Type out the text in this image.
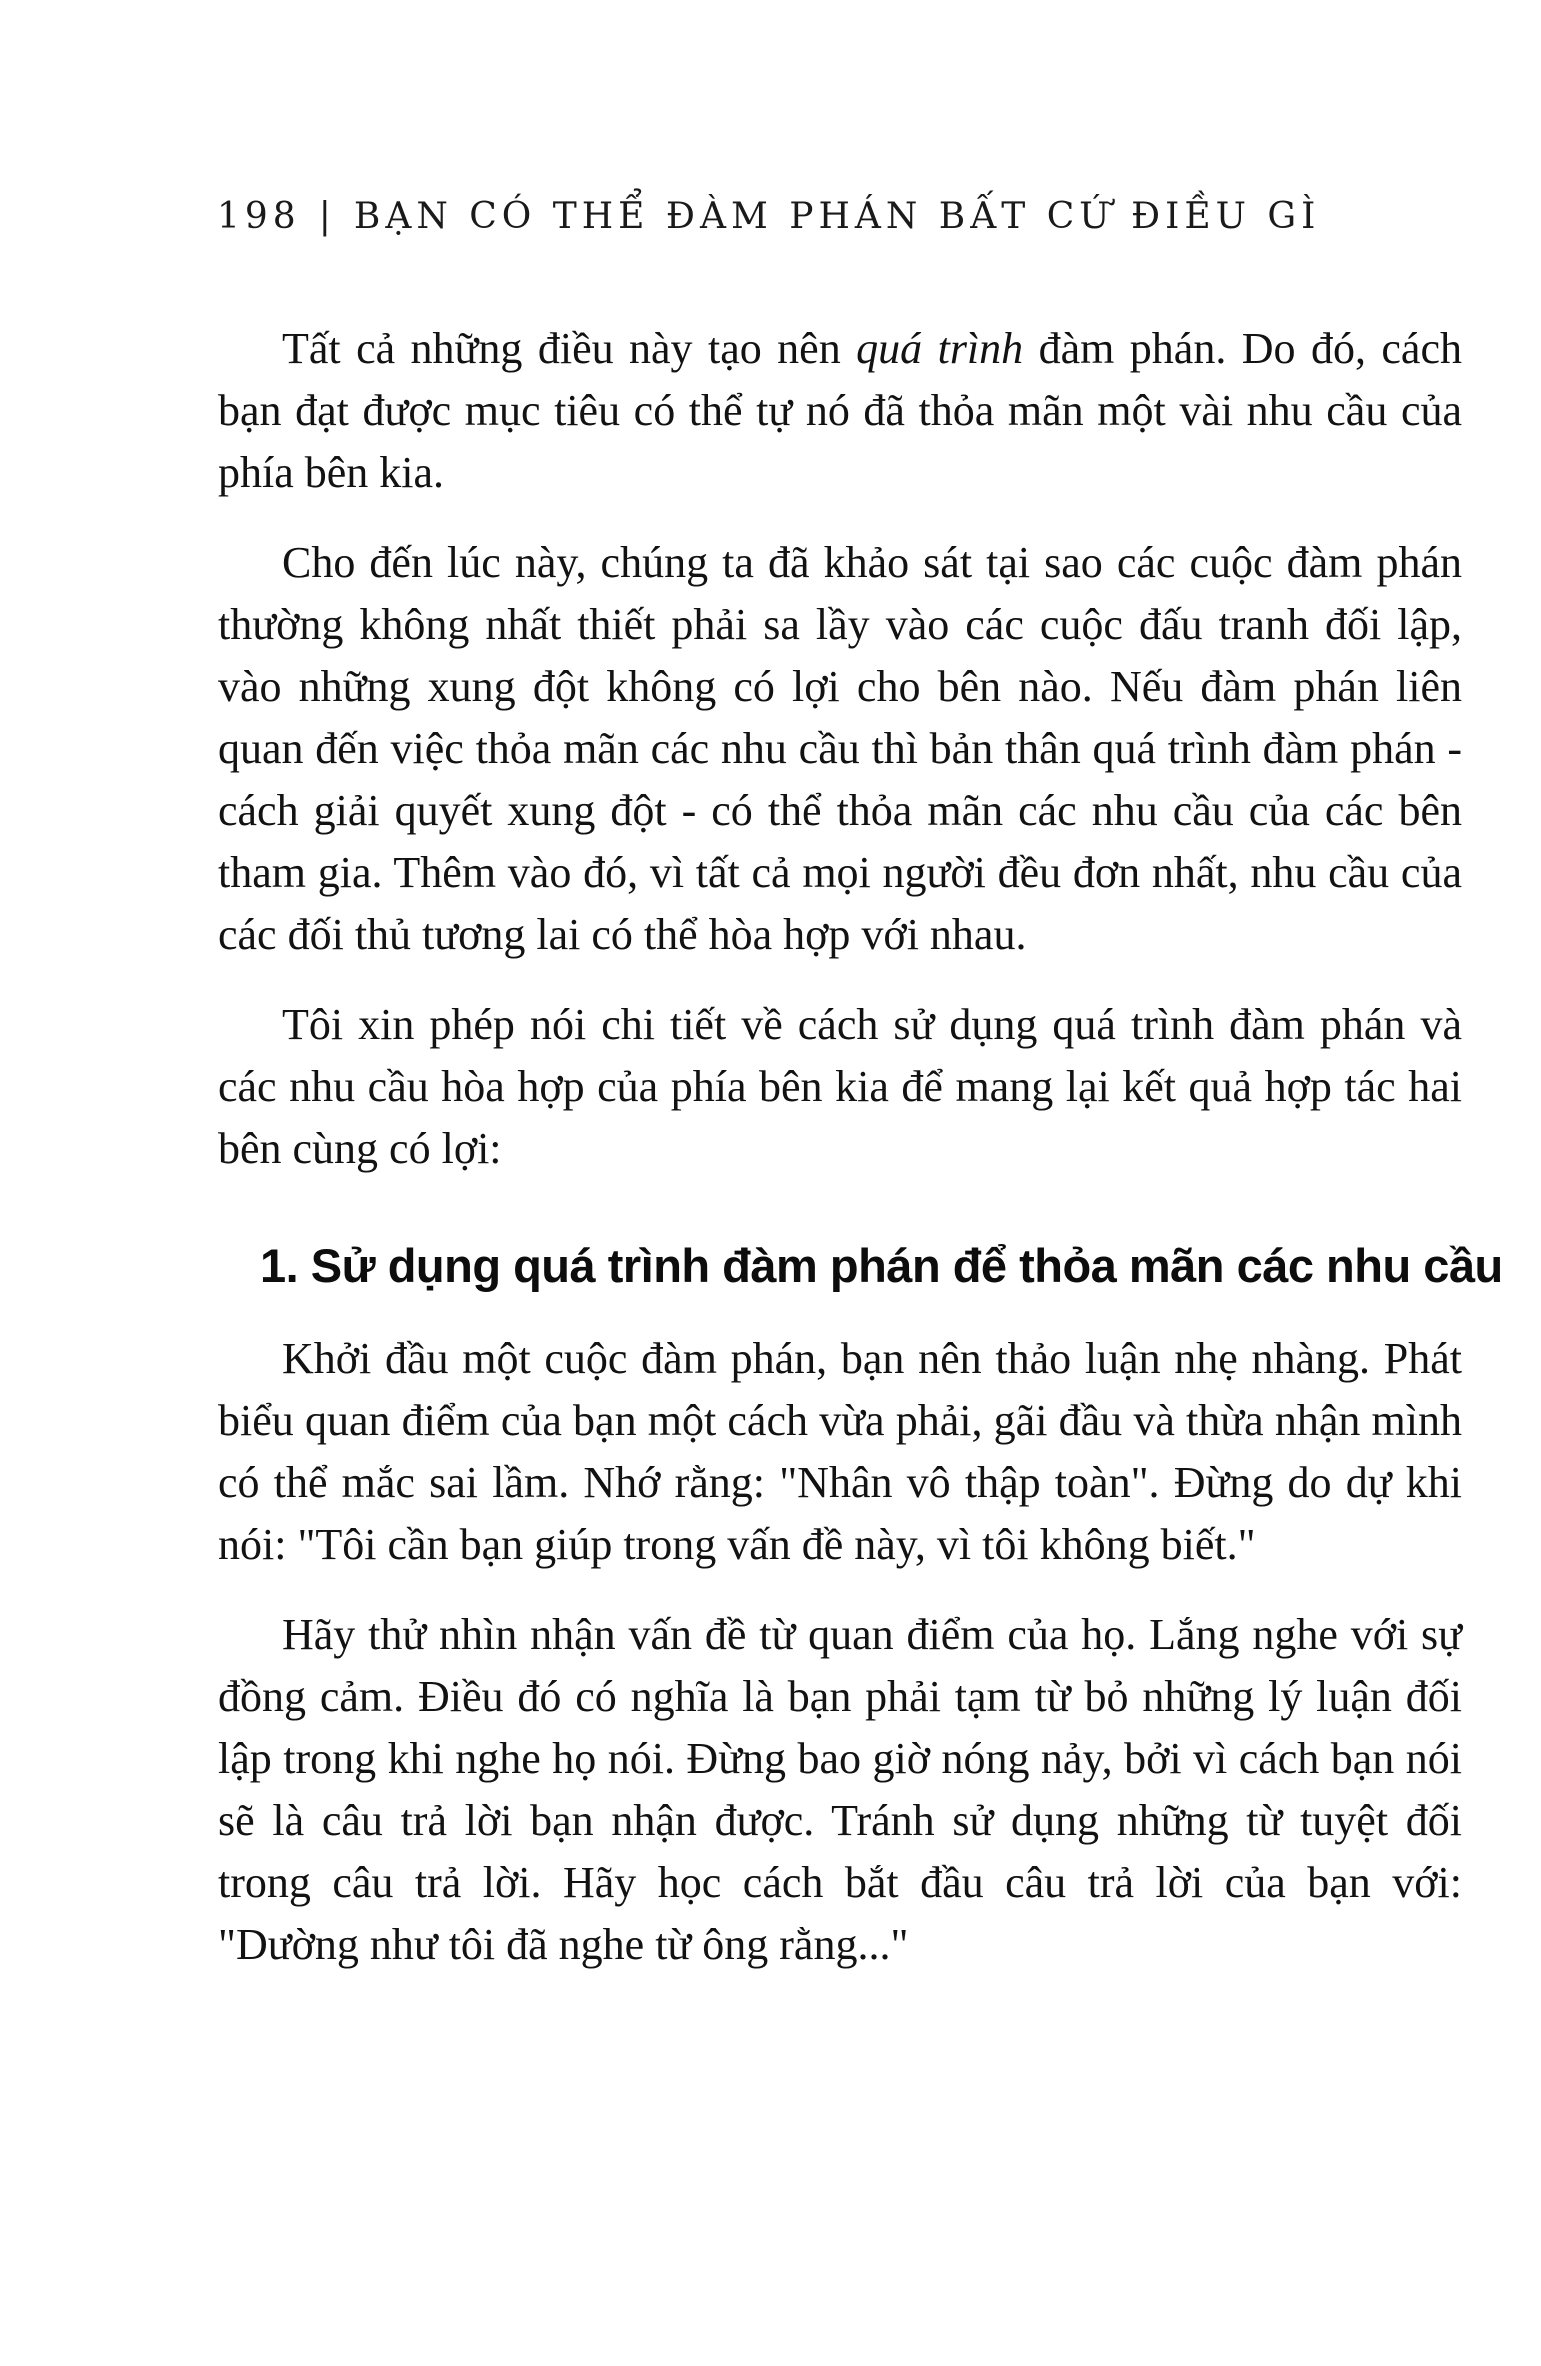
198 | BẠN CÓ THỂ ĐÀM PHÁN BẤT CỨ ĐIỀU GÌ

Tất cả những điều này tạo nên quá trình đàm phán. Do đó, cách bạn đạt được mục tiêu có thể tự nó đã thỏa mãn một vài nhu cầu của phía bên kia.

Cho đến lúc này, chúng ta đã khảo sát tại sao các cuộc đàm phán thường không nhất thiết phải sa lầy vào các cuộc đấu tranh đối lập, vào những xung đột không có lợi cho bên nào. Nếu đàm phán liên quan đến việc thỏa mãn các nhu cầu thì bản thân quá trình đàm phán - cách giải quyết xung đột - có thể thỏa mãn các nhu cầu của các bên tham gia. Thêm vào đó, vì tất cả mọi người đều đơn nhất, nhu cầu của các đối thủ tương lai có thể hòa hợp với nhau.

Tôi xin phép nói chi tiết về cách sử dụng quá trình đàm phán và các nhu cầu hòa hợp của phía bên kia để mang lại kết quả hợp tác hai bên cùng có lợi:

1. Sử dụng quá trình đàm phán để thỏa mãn các nhu cầu

Khởi đầu một cuộc đàm phán, bạn nên thảo luận nhẹ nhàng. Phát biểu quan điểm của bạn một cách vừa phải, gãi đầu và thừa nhận mình có thể mắc sai lầm. Nhớ rằng: "Nhân vô thập toàn". Đừng do dự khi nói: "Tôi cần bạn giúp trong vấn đề này, vì tôi không biết."

Hãy thử nhìn nhận vấn đề từ quan điểm của họ. Lắng nghe với sự đồng cảm. Điều đó có nghĩa là bạn phải tạm từ bỏ những lý luận đối lập trong khi nghe họ nói. Đừng bao giờ nóng nảy, bởi vì cách bạn nói sẽ là câu trả lời bạn nhận được. Tránh sử dụng những từ tuyệt đối trong câu trả lời. Hãy học cách bắt đầu câu trả lời của bạn với: "Dường như tôi đã nghe từ ông rằng..."
